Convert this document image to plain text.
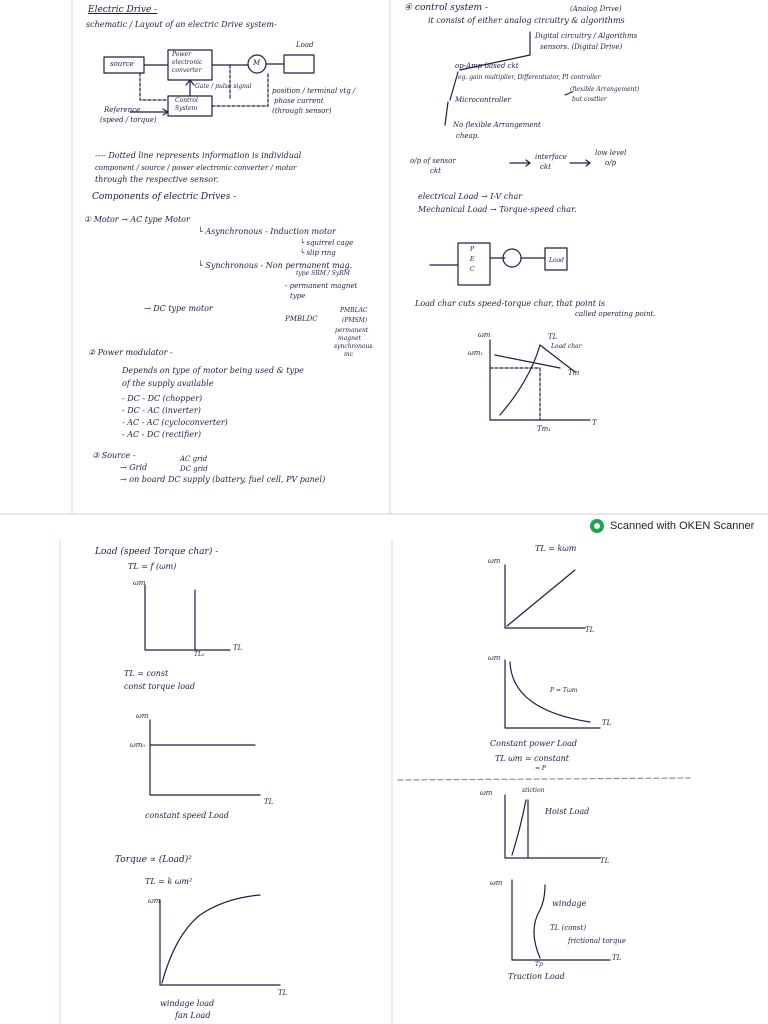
Electric Drive -
schematic / Layout of an electric Drive system-
Load
source
Power
electronic
converter
M
Gate / pulse signal
Control
System
Reference
(speed / torque)
position / terminal vtg /
phase current
(through sensor)
---- Dotted line represents information is individual
component / source / power electronic converter / motor
through the respective sensor.
Components of electric Drives -
① Motor → AC type Motor
└ Asynchronous - Induction motor
└ squirrel cage
└ slip ring
└ Synchronous - Non permanent mag.
type SRM / SyRM
- permanent magnet
type
→ DC type motor	PMBLAC
(PMSM)
permanent
magnet
synchronous
mc
PMBLDC
② Power modulator -
Depends on type of motor being used & type
of the supply available
- DC - DC (chopper)
- DC - AC (inverter)
- AC - AC (cycloconverter)
- AC - DC (rectifier)
③ Source -
→ Grid
AC grid
DC grid
→ on board DC supply (battery, fuel cell, PV panel)
④ control system -	(Analog Drive)
it consist of either analog circuitry & algorithms
Digital circuitry / Algorithms
sensors. (Digital Drive)
op-Amp based ckt
eg. gain multiplier, Differentiator, PI controller
Microcontroller
(flexible Arrangement)
but costlier
No flexible Arrangement
cheap.
o/p of sensor
ckt
interface
ckt
low level
o/p
electrical Load → I-V char
Mechanical Load → Torque-speed char.
P
E
C
Load
Load char cuts speed-torque char, that point is
called operating point.
ωm
ωm₁
TL
Load char
Tm
Tm₁
T
Load (speed Torque char) -
TL = f (ωm)
ωm
TL₀
TL
TL = const
const torque load
ωm
ωm₀
TL
constant speed Load
Torque ∝ (Load)²
TL = k ωm²
ωm
TL
windage load
fan Load
TL = kωm
ωm
TL
ωm
P = Tωm
TL
Constant power Load
TL ωm = constant
= P
ωm	stiction
Hoist Load
TL
ωm
windage
TL (const)
frictional torque
Tp
TL
Traction Load
Scanned with OKEN Scanner
